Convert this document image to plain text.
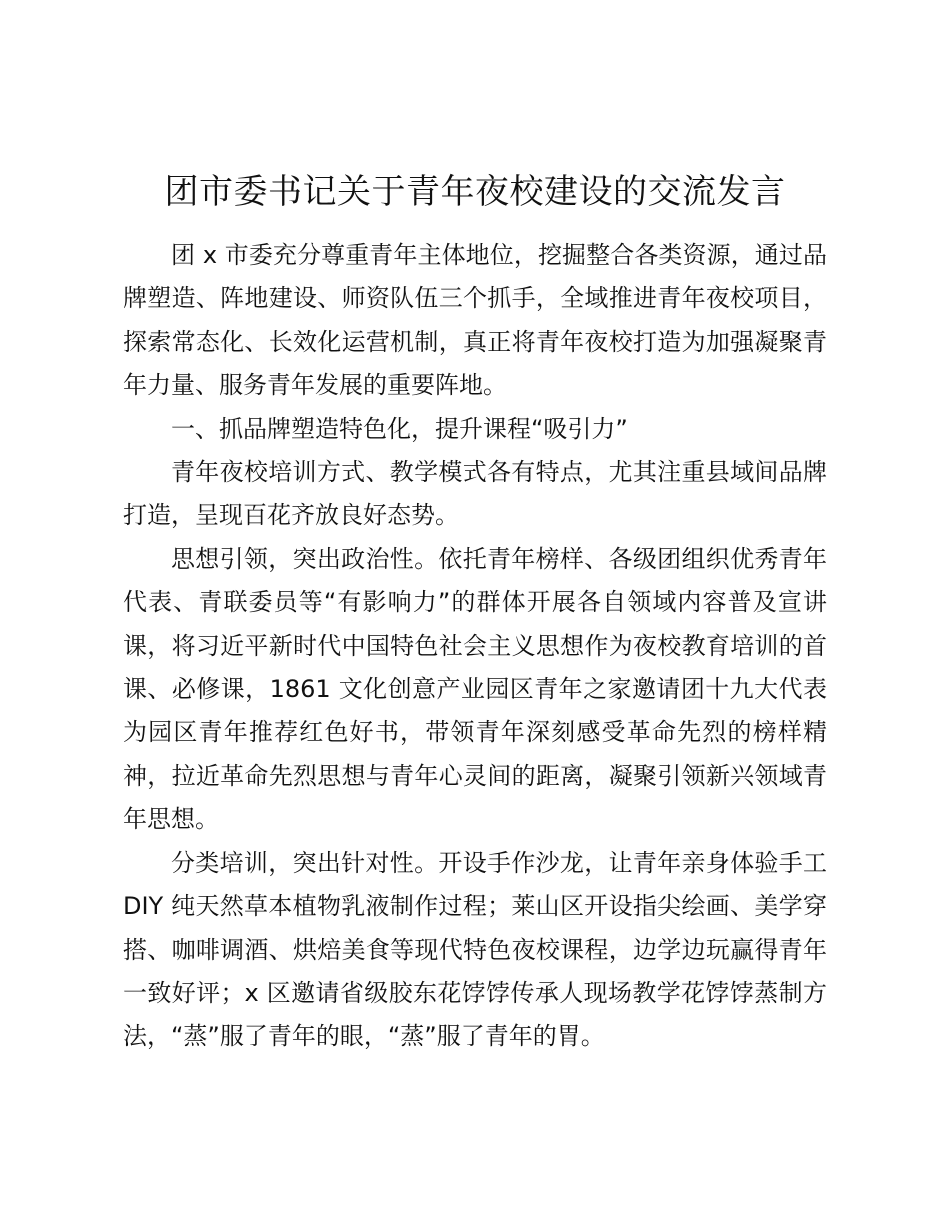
团市委书记关于青年夜校建设的交流发言

团 x 市委充分尊重青年主体地位，挖掘整合各类资源，通过品牌塑造、阵地建设、师资队伍三个抓手，全域推进青年夜校项目，探索常态化、长效化运营机制，真正将青年夜校打造为加强凝聚青年力量、服务青年发展的重要阵地。

一、抓品牌塑造特色化，提升课程“吸引力”

青年夜校培训方式、教学模式各有特点，尤其注重县域间品牌打造，呈现百花齐放良好态势。

思想引领，突出政治性。依托青年榜样、各级团组织优秀青年代表、青联委员等“有影响力”的群体开展各自领域内容普及宣讲课，将习近平新时代中国特色社会主义思想作为夜校教育培训的首课、必修课，1861 文化创意产业园区青年之家邀请团十九大代表为园区青年推荐红色好书，带领青年深刻感受革命先烈的榜样精神，拉近革命先烈思想与青年心灵间的距离，凝聚引领新兴领域青年思想。

分类培训，突出针对性。开设手作沙龙，让青年亲身体验手工 DIY 纯天然草本植物乳液制作过程；莱山区开设指尖绘画、美学穿搭、咖啡调酒、烘焙美食等现代特色夜校课程，边学边玩赢得青年一致好评；x 区邀请省级胶东花饽饽传承人现场教学花饽饽蒸制方法，“蒸”服了青年的眼，“蒸”服了青年的胃。
